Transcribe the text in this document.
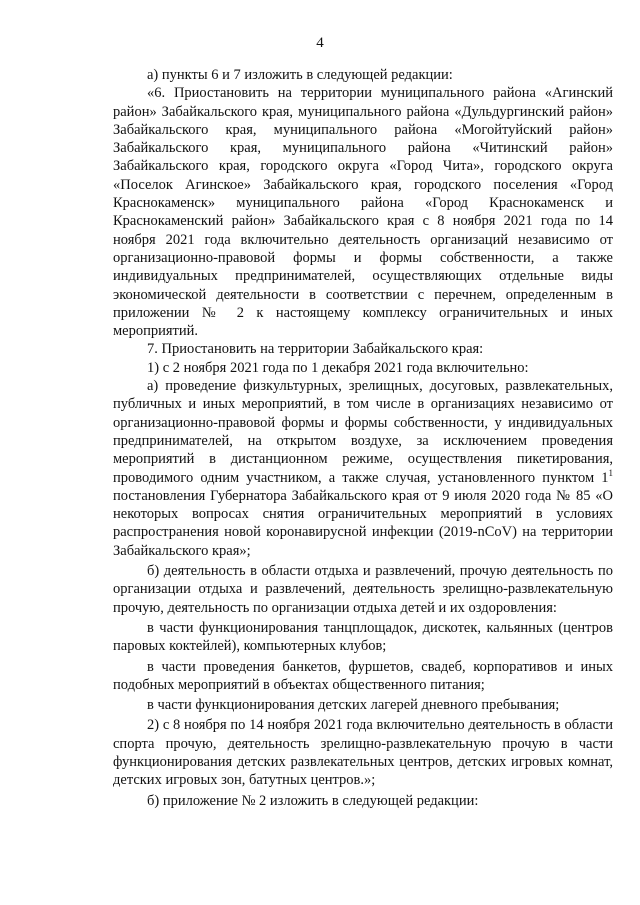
4

а) пункты 6 и 7 изложить в следующей редакции:

«6. Приостановить на территории муниципального района «Агинский район» Забайкальского края, муниципального района «Дульдургинский район» Забайкальского края, муниципального района «Могойтуйский район» Забайкальского края, муниципального района «Читинский район» Забайкальского края, городского округа «Город Чита», городского округа «Поселок Агинское» Забайкальского края, городского поселения «Город Краснокаменск» муниципального района «Город Краснокаменск и Краснокаменский район» Забайкальского края с 8 ноября 2021 года по 14 ноября 2021 года включительно деятельность организаций независимо от организационно-правовой формы и формы собственности, а также индивидуальных предпринимателей, осуществляющих отдельные виды экономической деятельности в соответствии с перечнем, определенным в приложении № 2 к настоящему комплексу ограничительных и иных мероприятий.

7. Приостановить на территории Забайкальского края:

1) с 2 ноября 2021 года по 1 декабря 2021 года включительно:

а) проведение физкультурных, зрелищных, досуговых, развлекательных, публичных и иных мероприятий, в том числе в организациях независимо от организационно-правовой формы и формы собственности, у индивидуальных предпринимателей, на открытом воздухе, за исключением проведения мероприятий в дистанционном режиме, осуществления пикетирования, проводимого одним участником, а также случая, установленного пунктом $1^1$ постановления Губернатора Забайкальского края от 9 июля 2020 года № 85 «О некоторых вопросах снятия ограничительных мероприятий в условиях распространения новой коронавирусной инфекции (2019-nCoV) на территории Забайкальского края»;

б) деятельность в области отдыха и развлечений, прочую деятельность по организации отдыха и развлечений, деятельность зрелищно-развлекательную прочую, деятельность по организации отдыха детей и их оздоровления:

в части функционирования танцплощадок, дискотек, кальянных (центров паровых коктейлей), компьютерных клубов;

в части проведения банкетов, фуршетов, свадеб, корпоративов и иных подобных мероприятий в объектах общественного питания;

в части функционирования детских лагерей дневного пребывания;

2) с 8 ноября по 14 ноября 2021 года включительно деятельность в области спорта прочую, деятельность зрелищно-развлекательную прочую в части функционирования детских развлекательных центров, детских игровых комнат, детских игровых зон, батутных центров.»;

б) приложение № 2 изложить в следующей редакции:
